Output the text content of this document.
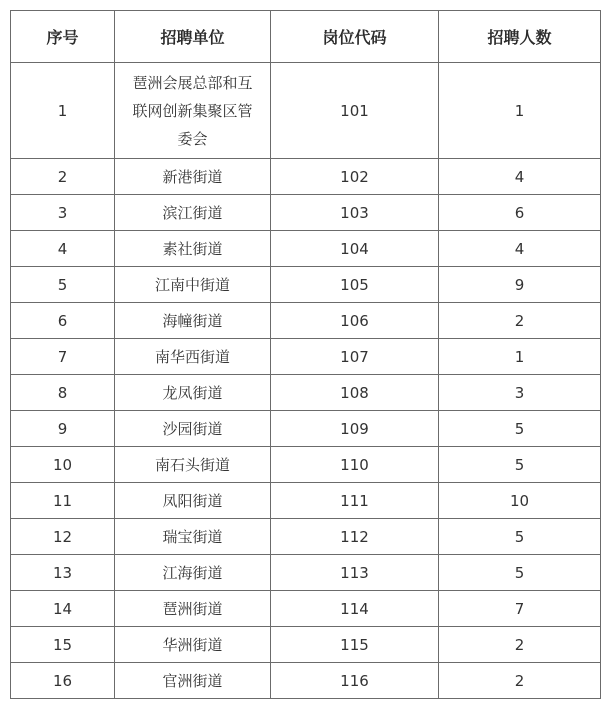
序号	招聘单位	岗位代码	招聘人数
1	琶洲会展总部和互联网创新集聚区管委会	101	1
2	新港街道	102	4
3	滨江街道	103	6
4	素社街道	104	4
5	江南中街道	105	9
6	海幢街道	106	2
7	南华西街道	107	1
8	龙凤街道	108	3
9	沙园街道	109	5
10	南石头街道	110	5
11	凤阳街道	111	10
12	瑞宝街道	112	5
13	江海街道	113	5
14	琶洲街道	114	7
15	华洲街道	115	2
16	官洲街道	116	2
